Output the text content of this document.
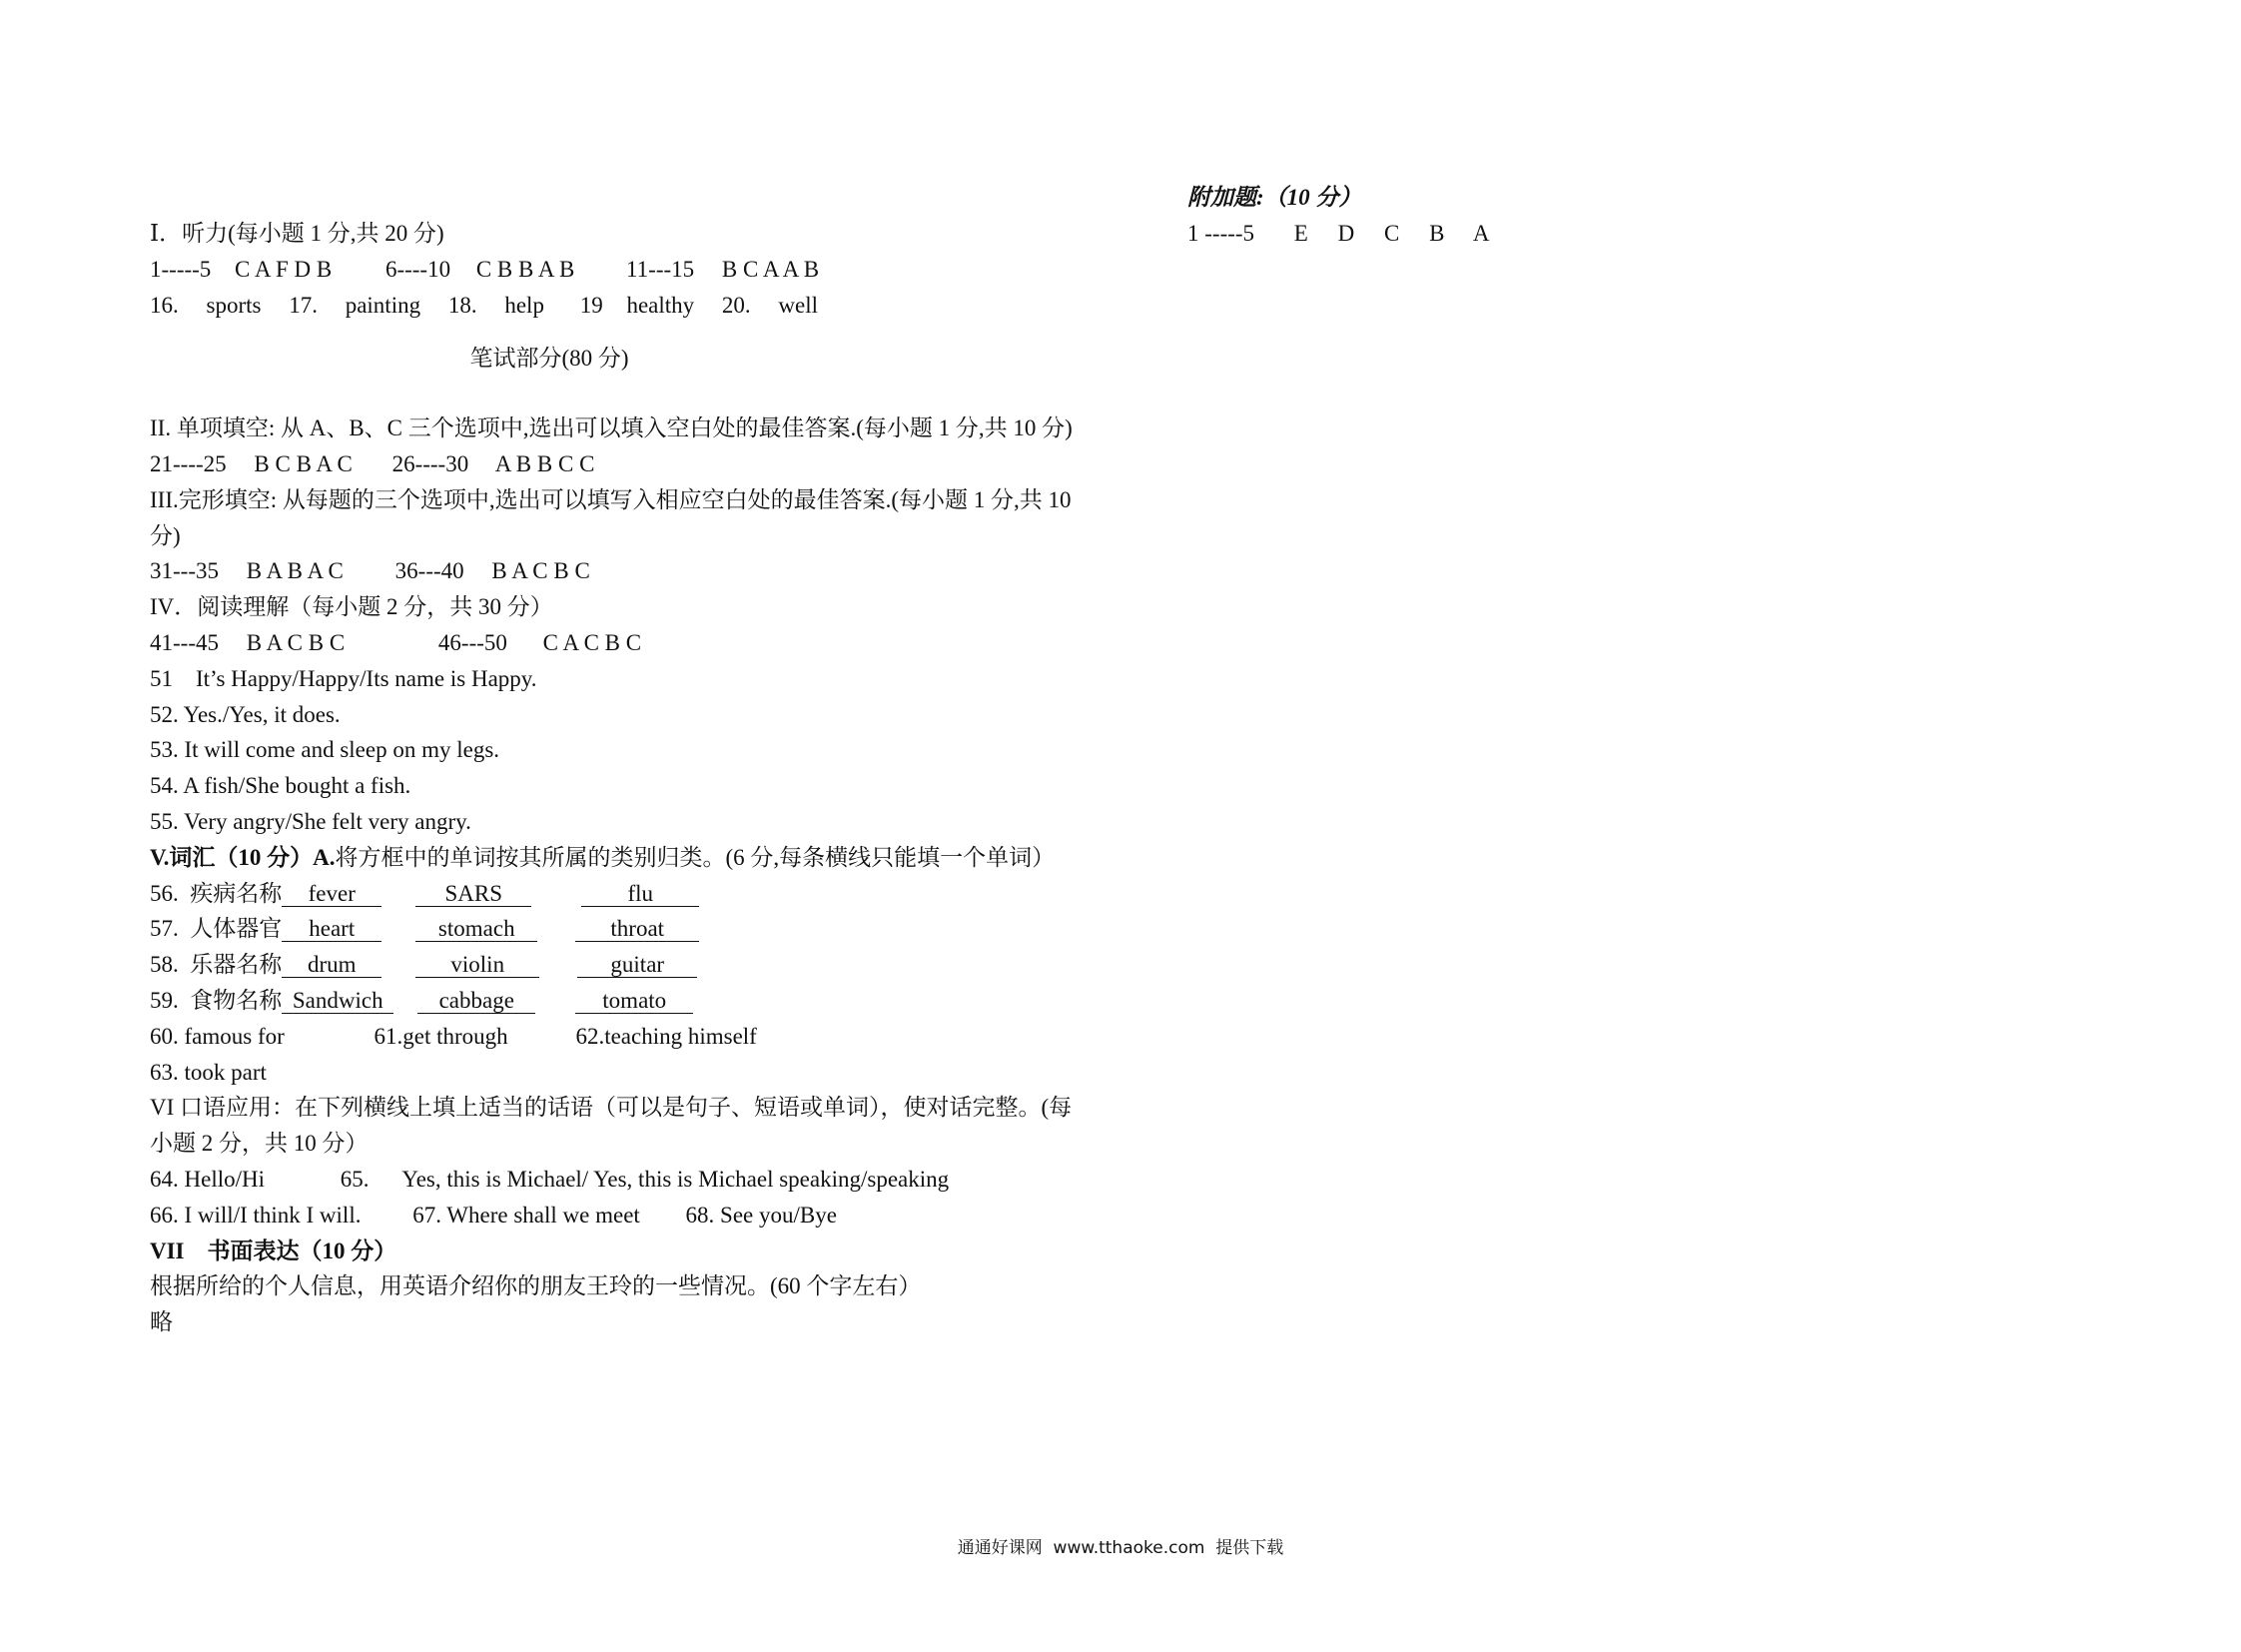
Ⅰ．听力(每小题 1 分,共 20 分)
1-----5 C A F D B 6----10 C B B A B 11---15 B C A A B
16. sports 17. painting 18. help 19 healthy 20. well
笔试部分(80 分)
II. 单项填空: 从 A、B、C 三个选项中,选出可以填入空白处的最佳答案.(每小题 1 分,共 10 分)
21----25 B C B A C 26----30 A B B C C
III.完形填空: 从每题的三个选项中,选出可以填写入相应空白处的最佳答案.(每小题 1 分,共 10 分)
31---35 B A B A C 36---40 B A C B C
IV．阅读理解（每小题 2 分，共 30 分）
41---45 B A C B C	46---50 C A C B C
51    It’s Happy/Happy/Its name is Happy.
52. Yes./Yes, it does.
53. It will come and sleep on my legs.
54. A fish/She bought a fish.
55. Very angry/She felt very angry.
V.词汇（10 分）A.将方框中的单词按其所属的类别归类。(6 分,每条横线只能填一个单词）
56.  疾病名称 fever	SARS	flu
57.  人体器官 heart	stomach	throat
58.  乐器名称 drum	violin	guitar
59.  食物名称 Sandwich cabbage	tomato
60. famous for	61.get through	62.teaching himself
63. took part
VI 口语应用：在下列横线上填上适当的话语（可以是句子、短语或单词），使对话完整。(每小题 2 分，共 10 分）
64. Hello/Hi	65. Yes, this is Michael/ Yes, this is Michael speaking/speaking
66. I will/I think I will. 67. Where shall we meet 68. See you/Bye
VII    书面表达（10 分）
根据所给的个人信息，用英语介绍你的朋友王玲的一些情况。(60 个字左右）
略
附加题:（10 分）
1 -----5 E D C B A
通通好课网  www.tthaoke.com  提供下载
